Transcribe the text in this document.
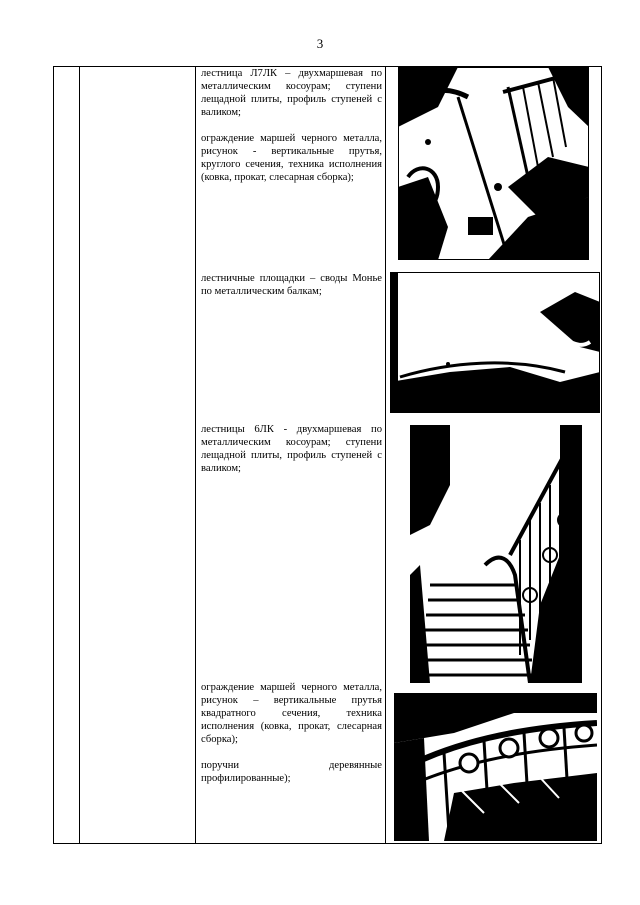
3

лестница Л7ЛК – двухмаршевая по металлическим косоурам; ступени лещадной плиты, профиль ступеней с валиком;

ограждение маршей черного металла, рисунок - вертикальные прутья, круглого сечения, техника исполнения (ковка, прокат, слесарная сборка);

лестничные площадки – своды Монье по металлическим балкам;

лестницы 6ЛК - двухмаршевая по металлическим косоурам; ступени лещадной плиты, профиль ступеней с валиком;

ограждение маршей черного металла, рисунок – вертикальные прутья квадратного сечения, техника исполнения (ковка, прокат, слесарная сборка);

поручни деревянные профилированные);
